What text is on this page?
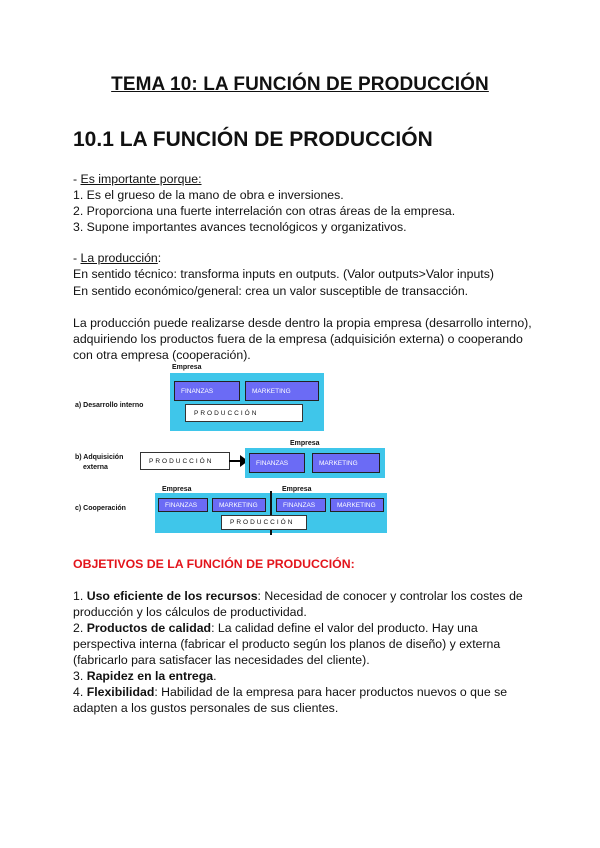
TEMA 10: LA FUNCIÓN DE PRODUCCIÓN
10.1 LA FUNCIÓN DE PRODUCCIÓN
- Es importante porque:
1. Es el grueso de la mano de obra e inversiones.
2. Proporciona una fuerte interrelación con otras áreas de la empresa.
3. Supone importantes avances tecnológicos y organizativos.
- La producción:
En sentido técnico: transforma inputs en outputs. (Valor outputs>Valor inputs)
En sentido económico/general: crea un valor susceptible de transacción.
La producción puede realizarse desde dentro la propia empresa (desarrollo interno),
adquiriendo los productos fuera de la empresa (adquisición externa) o cooperando
con otra empresa (cooperación).
a) Desarrollo interno
Empresa
FINANZAS	MARKETING
PRODUCCIÓN
b) Adquisición
externa
PRODUCCIÓN
Empresa
FINANZAS	MARKETING
c) Cooperación
Empresa	Empresa
FINANZAS	MARKETING	FINANZAS	MARKETING
PRODUCCIÓN
OBJETIVOS DE LA FUNCIÓN DE PRODUCCIÓN:
1. Uso eficiente de los recursos: Necesidad de conocer y controlar los costes de
producción y los cálculos de productividad.
2. Productos de calidad: La calidad define el valor del producto. Hay una
perspectiva interna (fabricar el producto según los planos de diseño) y externa
(fabricarlo para satisfacer las necesidades del cliente).
3. Rapidez en la entrega.
4. Flexibilidad: Habilidad de la empresa para hacer productos nuevos o que se
adapten a los gustos personales de sus clientes.
